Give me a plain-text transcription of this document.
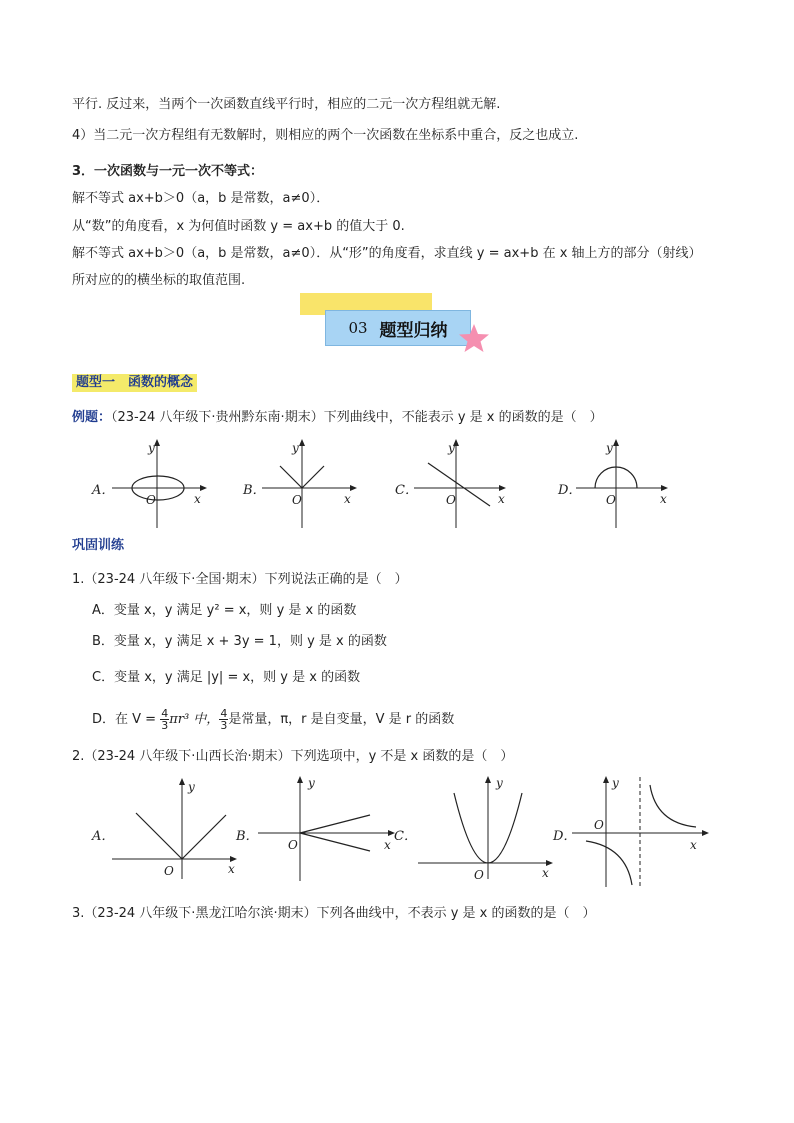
平行. 反过来，当两个一次函数直线平行时，相应的二元一次方程组就无解.
4）当二元一次方程组有无数解时，则相应的两个一次函数在坐标系中重合，反之也成立.
3．一次函数与一元一次不等式：
解不等式 ax+b＞0（a，b 是常数，a≠0）．
从“数”的角度看，x 为何值时函数 y = ax+b 的值大于 0.
解不等式 ax+b＞0（a，b 是常数，a≠0）．从“形”的角度看，求直线 y = ax+b 在 x 轴上方的部分（射线）
所对应的的横坐标的取值范围.
03 题型归纳
题型一　函数的概念
例题：（23-24 八年级下·贵州黔东南·期末）下列曲线中，不能表示 y 是 x 的函数的是（　）
A．
O	x
y
B．
O	x
y
C．
O	x
y
D．
O	x
y
巩固训练
1.（23-24 八年级下·全国·期末）下列说法正确的是（　）
A．变量 x，y 满足 y² = x，则 y 是 x 的函数
B．变量 x，y 满足 x + 3y = 1，则 y 是 x 的函数
C．变量 x，y 满足 |y| = x，则 y 是 x 的函数
D．在 $V = \frac{4}{3} \pi r^3$ 中， $\frac{4}{3}$ 是常量，π，r 是自变量，V 是 r 的函数
2.（23-24 八年级下·山西长治·期末）下列选项中，y 不是 x 函数的是（　）
A．
O	x
y
B．
O	x
y
C．
O	x
y
D．
O
x
y
3.（23-24 八年级下·黑龙江哈尔滨·期末）下列各曲线中，不表示 y 是 x 的函数的是（　）
